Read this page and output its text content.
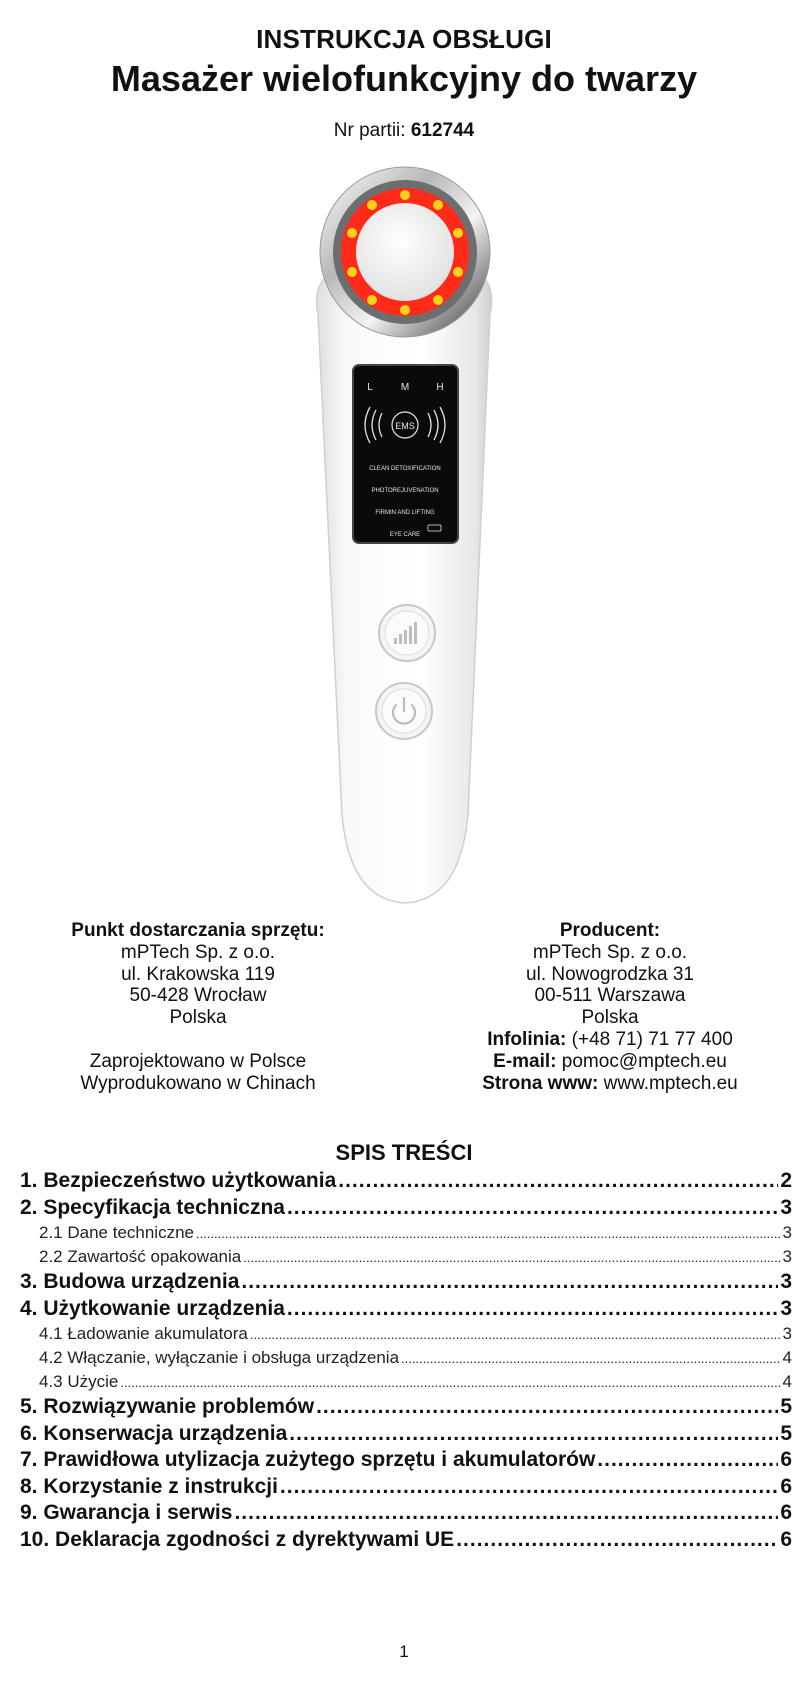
INSTRUKCJA OBSŁUGI
Masażer wielofunkcyjny do twarzy
Nr partii: 612744
L	M	H
EMS
CLEAN DETOXIFICATION
PHOTOREJUVENATION
FIRMIN AND LIFTING
EYE CARE
Punkt dostarczania sprzętu:
mPTech Sp. z o.o.
ul. Krakowska 119
50-428 Wrocław
Polska
Zaprojektowano w Polsce
Wyprodukowano w Chinach
Producent:
mPTech Sp. z o.o.
ul. Nowogrodzka 31
00-511 Warszawa
Polska
Infolinia: (+48 71) 71 77 400
E-mail: pomoc@mptech.eu
Strona www: www.mptech.eu
SPIS TREŚCI
1. Bezpieczeństwo użytkowania .....	2
2. Specyfikacja techniczna .....	3
2.1 Dane techniczne .....	3
2.2 Zawartość opakowania .....	3
3. Budowa urządzenia .....	3
4. Użytkowanie urządzenia .....	3
4.1 Ładowanie akumulatora .....	3
4.2 Włączanie, wyłączanie i obsługa urządzenia .....	4
4.3 Użycie .....	4
5. Rozwiązywanie problemów .....	5
6. Konserwacja urządzenia .....	5
7. Prawidłowa utylizacja zużytego sprzętu i akumulatorów .....	6
8. Korzystanie z instrukcji .....	6
9. Gwarancja i serwis .....	6
10. Deklaracja zgodności z dyrektywami UE .....	6
1
